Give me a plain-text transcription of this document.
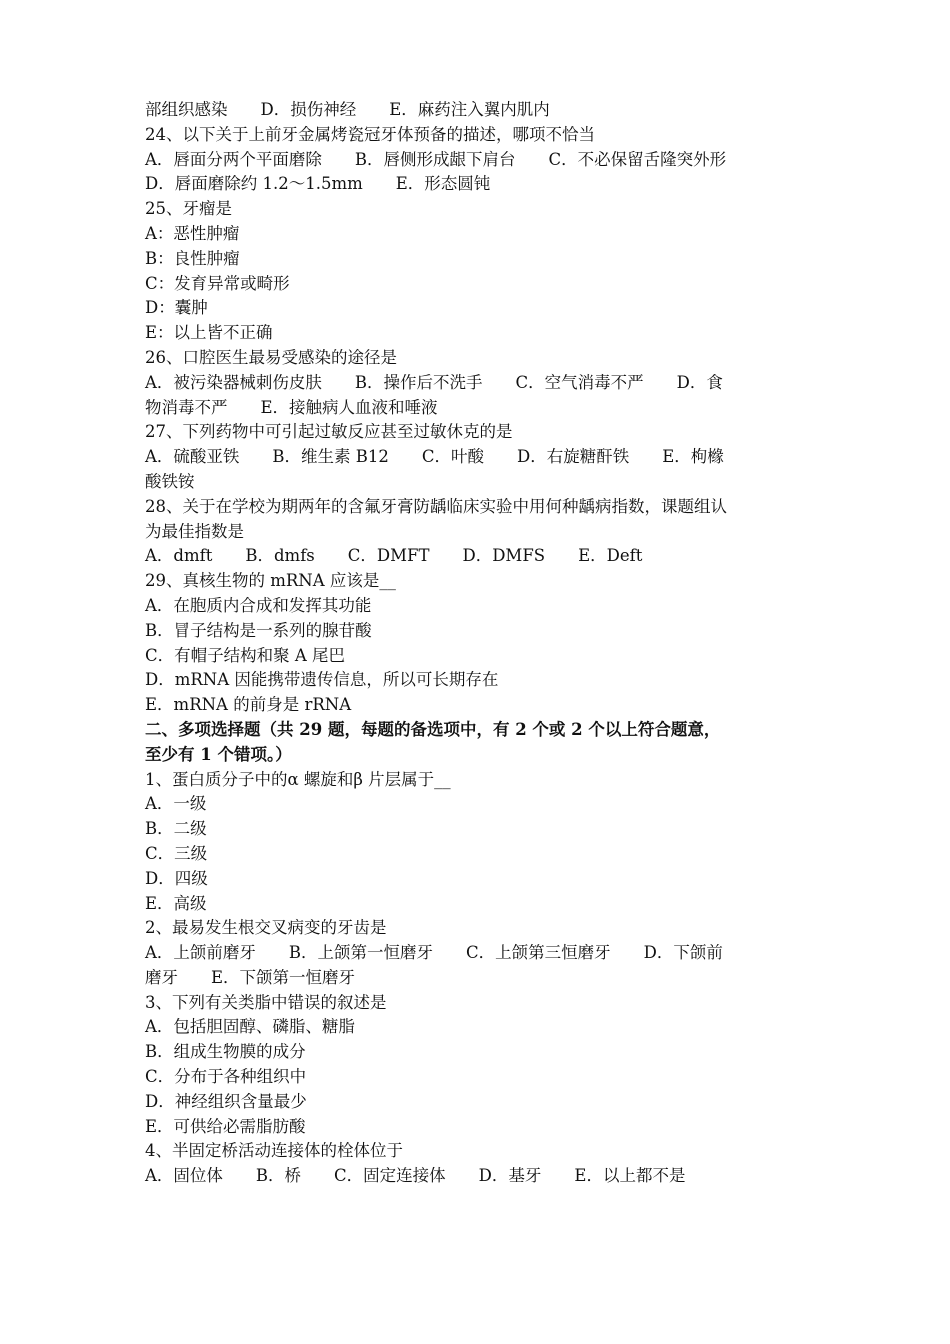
部组织感染　　D．损伤神经　　E．麻药注入翼内肌内
24、以下关于上前牙金属烤瓷冠牙体预备的描述，哪项不恰当
A．唇面分两个平面磨除　　B．唇侧形成龈下肩台　　C．不必保留舌隆突外形
D．唇面磨除约 1.2～1.5mm　　E．形态圆钝
25、牙瘤是
A：恶性肿瘤
B：良性肿瘤
C：发育异常或畸形
D：囊肿
E：以上皆不正确
26、口腔医生最易受感染的途径是
A．被污染器械刺伤皮肤　　B．操作后不洗手　　C．空气消毒不严　　D．食
物消毒不严　　E．接触病人血液和唾液
27、下列药物中可引起过敏反应甚至过敏休克的是
A．硫酸亚铁　　B．维生素 B12　　C．叶酸　　D．右旋糖酐铁　　E．枸橼
酸铁铵
28、关于在学校为期两年的含氟牙膏防龋临床实验中用何种龋病指数，课题组认
为最佳指数是
A．dmft　　B．dmfs　　C．DMFT　　D．DMFS　　E．Deft
29、真核生物的 mRNA 应该是__
A．在胞质内合成和发挥其功能
B．冒子结构是一系列的腺苷酸
C．有帽子结构和聚 A 尾巴
D．mRNA 因能携带遗传信息，所以可长期存在
E．mRNA 的前身是 rRNA
二、多项选择题（共 29 题，每题的备选项中，有 2 个或 2 个以上符合题意，
至少有 1 个错项。）
1、蛋白质分子中的α 螺旋和β 片层属于__
A．一级
B．二级
C．三级
D．四级
E．高级
2、最易发生根交叉病变的牙齿是
A．上颌前磨牙　　B．上颌第一恒磨牙　　C．上颌第三恒磨牙　　D．下颌前
磨牙　　E．下颌第一恒磨牙
3、下列有关类脂中错误的叙述是
A．包括胆固醇、磷脂、糖脂
B．组成生物膜的成分
C．分布于各种组织中
D．神经组织含量最少
E．可供给必需脂肪酸
4、半固定桥活动连接体的栓体位于
A．固位体　　B．桥　　C．固定连接体　　D．基牙　　E．以上都不是
